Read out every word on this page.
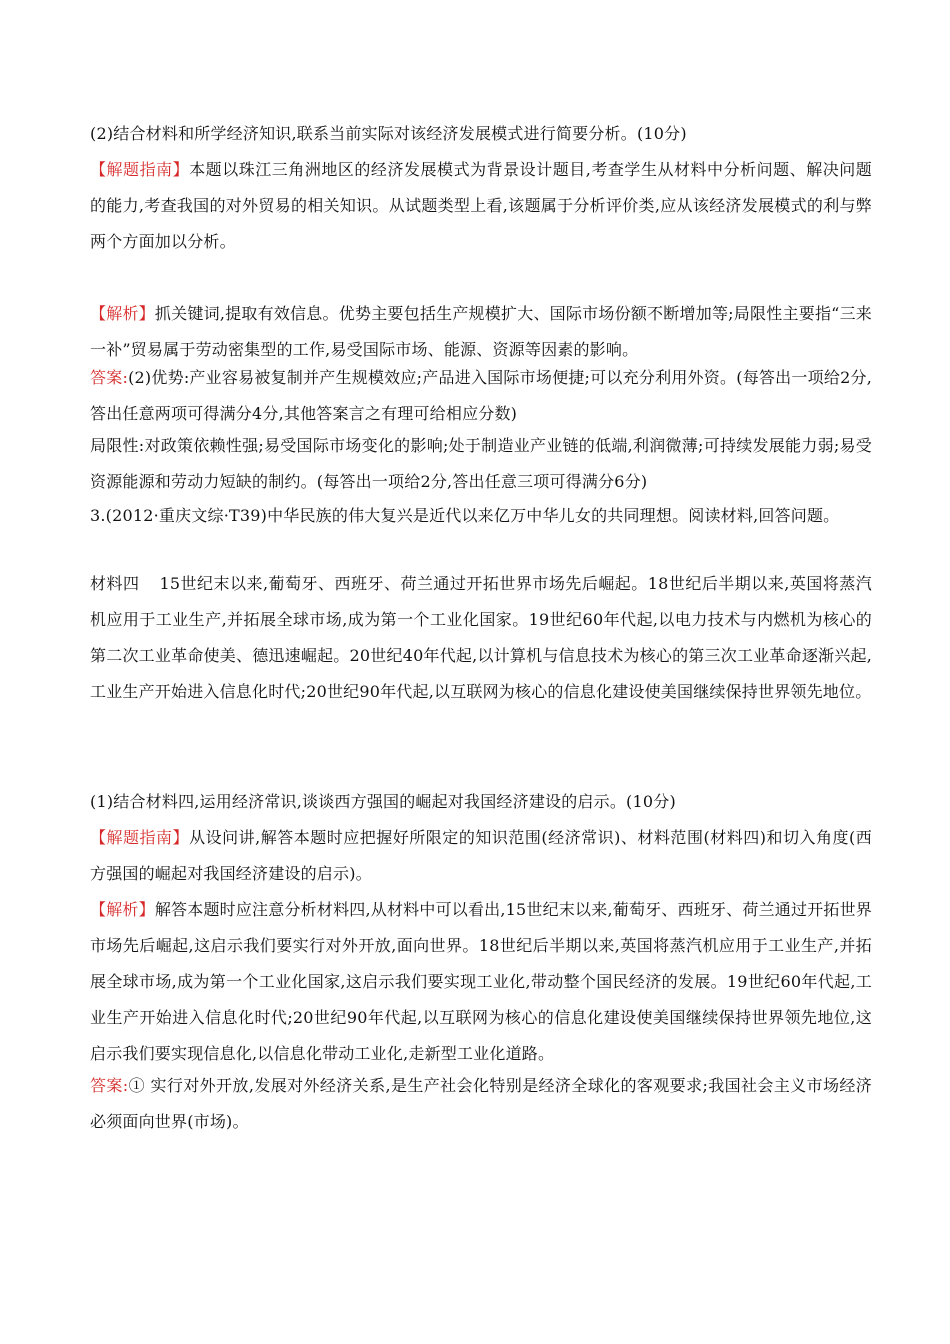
(2)结合材料和所学经济知识,联系当前实际对该经济发展模式进行简要分析。(10分)

【解题指南】本题以珠江三角洲地区的经济发展模式为背景设计题目,考查学生从材料中分析问题、解决问题的能力,考查我国的对外贸易的相关知识。从试题类型上看,该题属于分析评价类,应从该经济发展模式的利与弊两个方面加以分析。

【解析】抓关键词,提取有效信息。优势主要包括生产规模扩大、国际市场份额不断增加等;局限性主要指“三来一补”贸易属于劳动密集型的工作,易受国际市场、能源、资源等因素的影响。

答案:(2)优势:产业容易被复制并产生规模效应;产品进入国际市场便捷;可以充分利用外资。(每答出一项给2分,答出任意两项可得满分4分,其他答案言之有理可给相应分数)

局限性:对政策依赖性强;易受国际市场变化的影响;处于制造业产业链的低端,利润微薄;可持续发展能力弱;易受资源能源和劳动力短缺的制约。(每答出一项给2分,答出任意三项可得满分6分)

3.(2012·重庆文综·T39)中华民族的伟大复兴是近代以来亿万中华儿女的共同理想。阅读材料,回答问题。

材料四 15世纪末以来,葡萄牙、西班牙、荷兰通过开拓世界市场先后崛起。18世纪后半期以来,英国将蒸汽机应用于工业生产,并拓展全球市场,成为第一个工业化国家。19世纪60年代起,以电力技术与内燃机为核心的第二次工业革命使美、德迅速崛起。20世纪40年代起,以计算机与信息技术为核心的第三次工业革命逐渐兴起,工业生产开始进入信息化时代;20世纪90年代起,以互联网为核心的信息化建设使美国继续保持世界领先地位。

(1)结合材料四,运用经济常识,谈谈西方强国的崛起对我国经济建设的启示。(10分)

【解题指南】从设问讲,解答本题时应把握好所限定的知识范围(经济常识)、材料范围(材料四)和切入角度(西方强国的崛起对我国经济建设的启示)。

【解析】解答本题时应注意分析材料四,从材料中可以看出,15世纪末以来,葡萄牙、西班牙、荷兰通过开拓世界市场先后崛起,这启示我们要实行对外开放,面向世界。18世纪后半期以来,英国将蒸汽机应用于工业生产,并拓展全球市场,成为第一个工业化国家,这启示我们要实现工业化,带动整个国民经济的发展。19世纪60年代起,工业生产开始进入信息化时代;20世纪90年代起,以互联网为核心的信息化建设使美国继续保持世界领先地位,这启示我们要实现信息化,以信息化带动工业化,走新型工业化道路。

答案:① 实行对外开放,发展对外经济关系,是生产社会化特别是经济全球化的客观要求;我国社会主义市场经济必须面向世界(市场)。
